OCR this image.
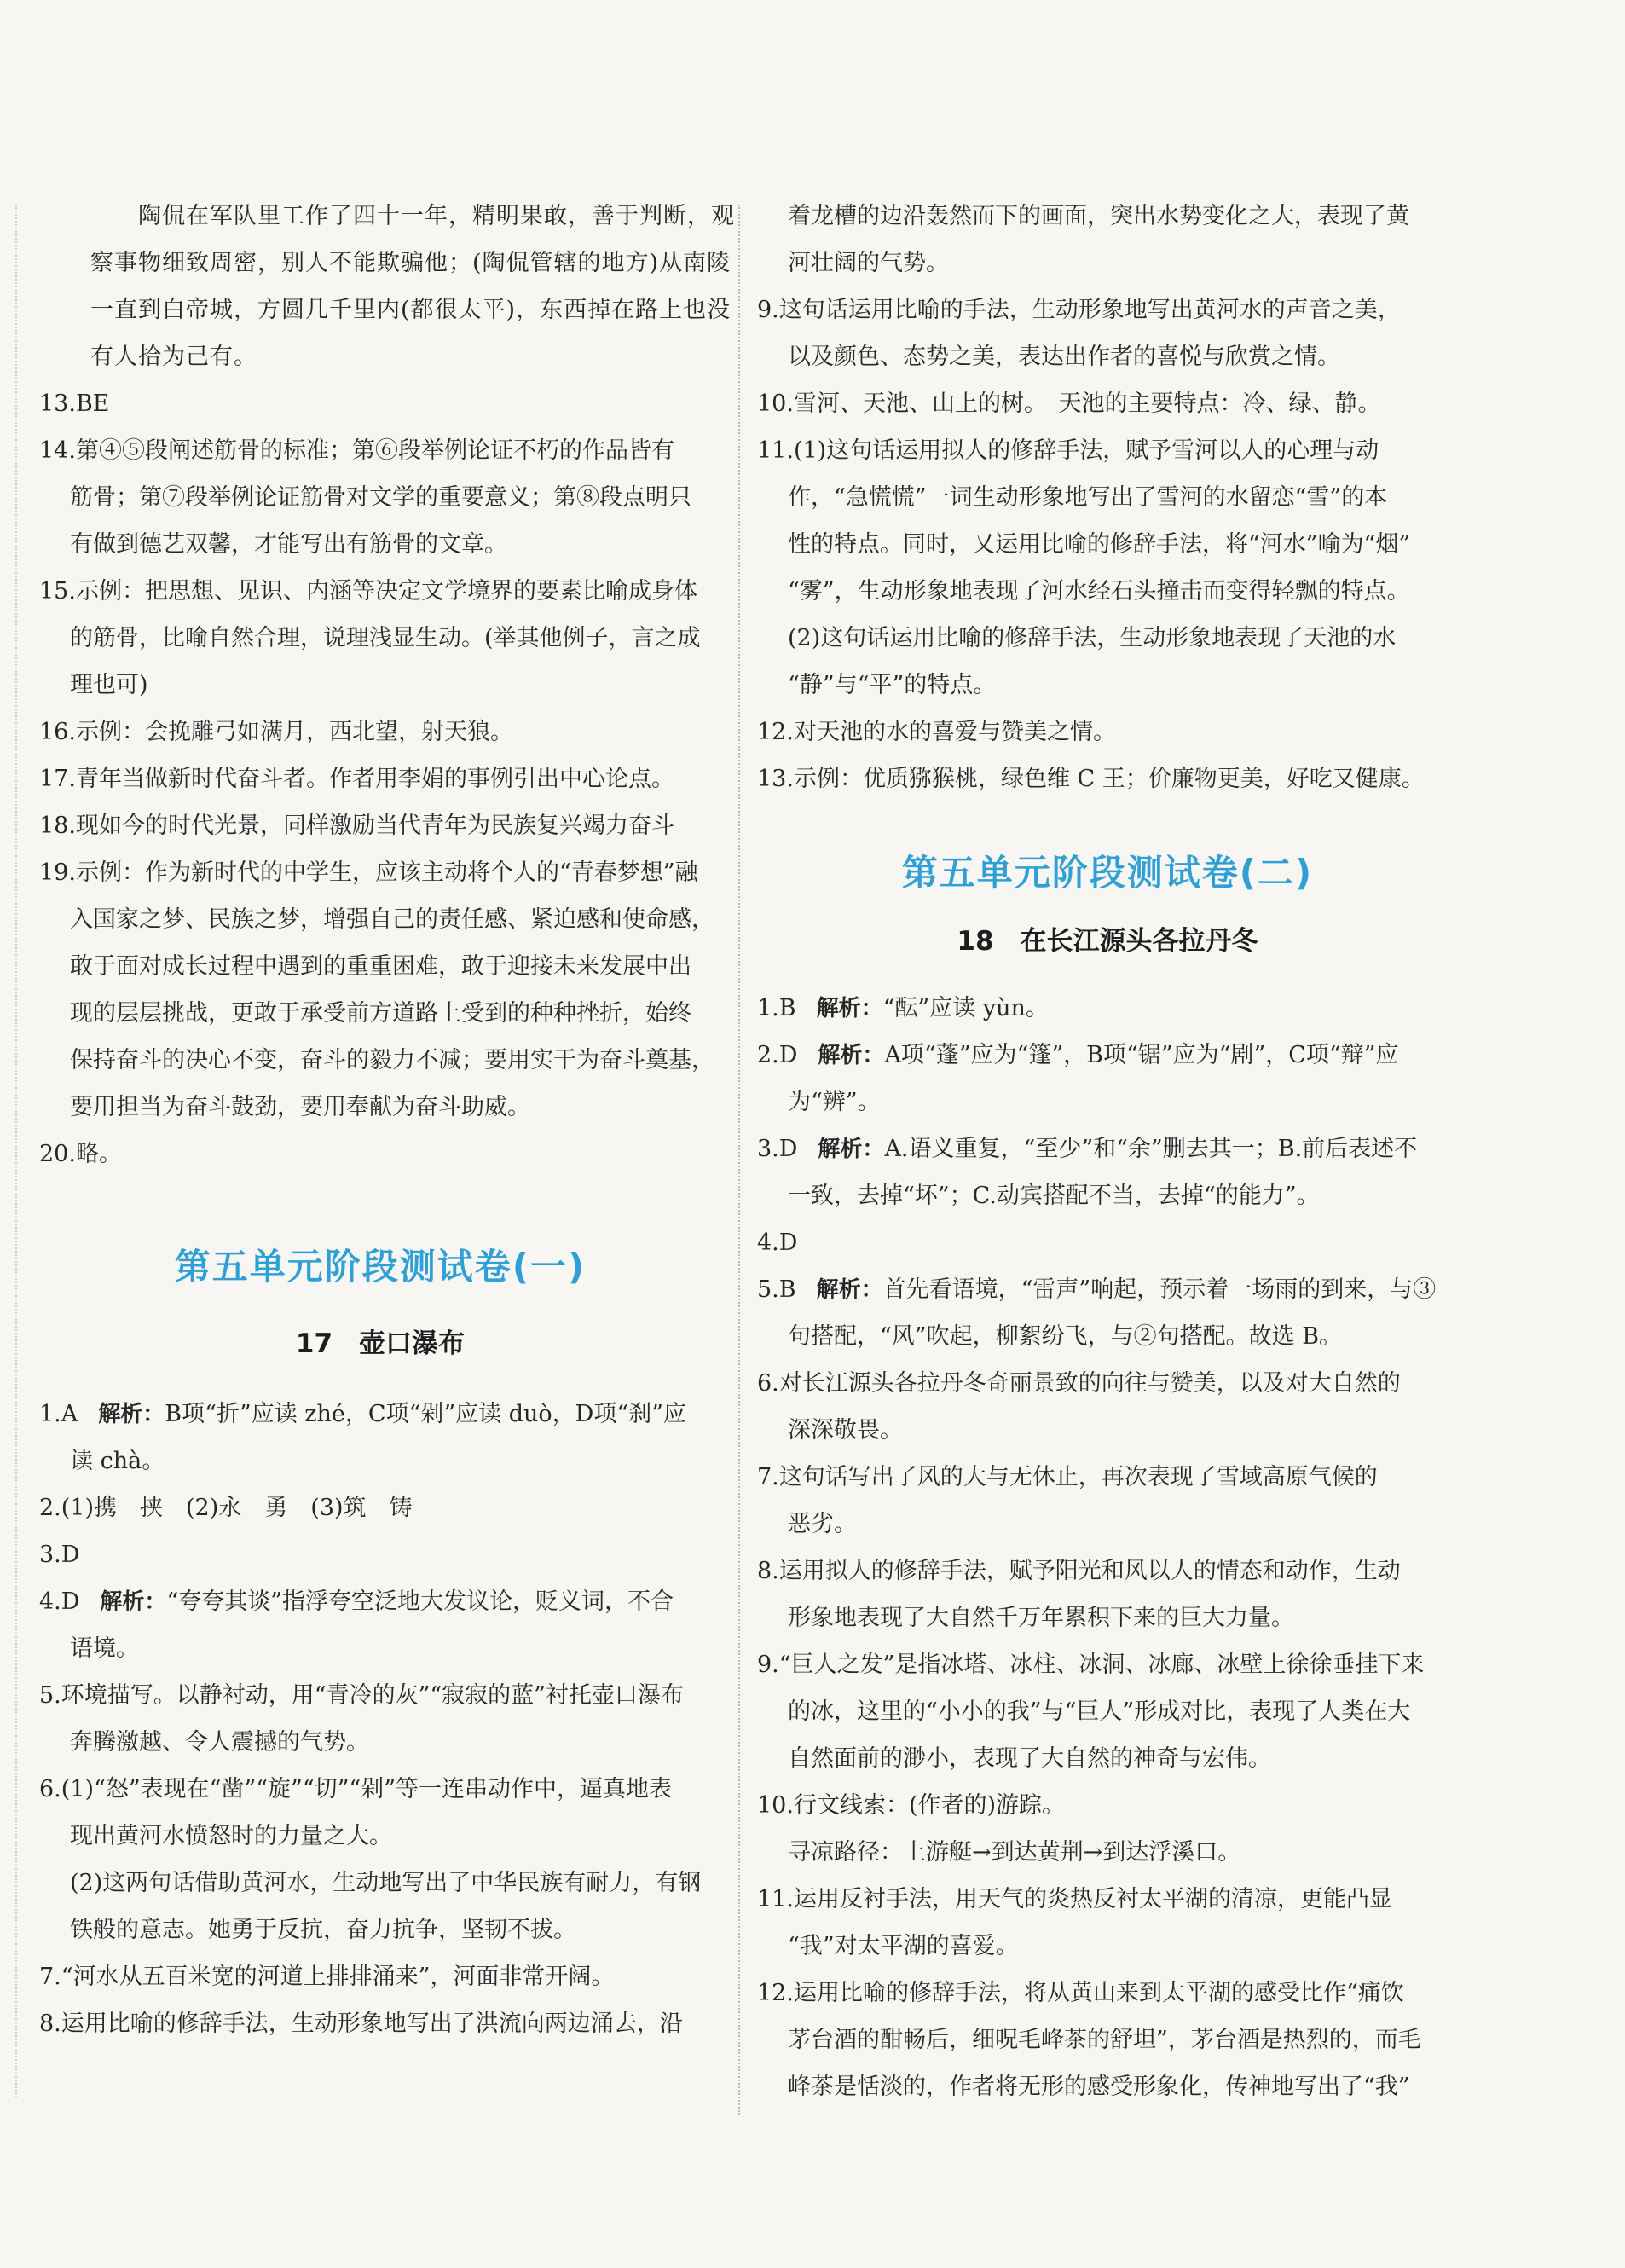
陶侃在军队里工作了四十一年，精明果敢，善于判断，观
察事物细致周密，别人不能欺骗他；(陶侃管辖的地方)从南陵
一直到白帝城，方圆几千里内(都很太平)，东西掉在路上也没
有人拾为己有。
13.BE
14.第④⑤段阐述筋骨的标准；第⑥段举例论证不朽的作品皆有
筋骨；第⑦段举例论证筋骨对文学的重要意义；第⑧段点明只
有做到德艺双馨，才能写出有筋骨的文章。
15.示例：把思想、见识、内涵等决定文学境界的要素比喻成身体
的筋骨，比喻自然合理，说理浅显生动。(举其他例子，言之成
理也可)
16.示例：会挽雕弓如满月，西北望，射天狼。
17.青年当做新时代奋斗者。作者用李娟的事例引出中心论点。
18.现如今的时代光景，同样激励当代青年为民族复兴竭力奋斗
19.示例：作为新时代的中学生，应该主动将个人的“青春梦想”融
入国家之梦、民族之梦，增强自己的责任感、紧迫感和使命感，
敢于面对成长过程中遇到的重重困难，敢于迎接未来发展中出
现的层层挑战，更敢于承受前方道路上受到的种种挫折，始终
保持奋斗的决心不变，奋斗的毅力不减；要用实干为奋斗奠基，
要用担当为奋斗鼓劲，要用奉献为奋斗助威。
20.略。
第五单元阶段测试卷(一)
17　壶口瀑布
1.A 解析：B项“折”应读 zhé，C项“剁”应读 duò，D项“刹”应
读 chà。
2.(1)携　挟　(2)永　勇　(3)筑　铸
3.D
4.D 解析：“夸夸其谈”指浮夸空泛地大发议论，贬义词，不合
语境。
5.环境描写。以静衬动，用“青冷的灰”“寂寂的蓝”衬托壶口瀑布
奔腾激越、令人震撼的气势。
6.(1)“怒”表现在“凿”“旋”“切”“剁”等一连串动作中，逼真地表
现出黄河水愤怒时的力量之大。
(2)这两句话借助黄河水，生动地写出了中华民族有耐力，有钢
铁般的意志。她勇于反抗，奋力抗争，坚韧不拔。
7.“河水从五百米宽的河道上排排涌来”，河面非常开阔。
8.运用比喻的修辞手法，生动形象地写出了洪流向两边涌去，沿
着龙槽的边沿轰然而下的画面，突出水势变化之大，表现了黄
河壮阔的气势。
9.这句话运用比喻的手法，生动形象地写出黄河水的声音之美，
以及颜色、态势之美，表达出作者的喜悦与欣赏之情。
10.雪河、天池、山上的树。　天池的主要特点：冷、绿、静。
11.(1)这句话运用拟人的修辞手法，赋予雪河以人的心理与动
作，“急慌慌”一词生动形象地写出了雪河的水留恋“雪”的本
性的特点。同时，又运用比喻的修辞手法，将“河水”喻为“烟”
“雾”，生动形象地表现了河水经石头撞击而变得轻飘的特点。
(2)这句话运用比喻的修辞手法，生动形象地表现了天池的水
“静”与“平”的特点。
12.对天池的水的喜爱与赞美之情。
13.示例：优质猕猴桃，绿色维 C 王；价廉物更美，好吃又健康。
第五单元阶段测试卷(二)
18　在长江源头各拉丹冬
1.B 解析：“酝”应读 yùn。
2.D 解析：A项“蓬”应为“篷”，B项“锯”应为“剧”，C项“辩”应
为“辨”。
3.D 解析：A.语义重复，“至少”和“余”删去其一；B.前后表述不
一致，去掉“坏”；C.动宾搭配不当，去掉“的能力”。
4.D
5.B 解析：首先看语境，“雷声”响起，预示着一场雨的到来，与③
句搭配，“风”吹起，柳絮纷飞，与②句搭配。故选 B。
6.对长江源头各拉丹冬奇丽景致的向往与赞美，以及对大自然的
深深敬畏。
7.这句话写出了风的大与无休止，再次表现了雪域高原气候的
恶劣。
8.运用拟人的修辞手法，赋予阳光和风以人的情态和动作，生动
形象地表现了大自然千万年累积下来的巨大力量。
9.“巨人之发”是指冰塔、冰柱、冰洞、冰廊、冰壁上徐徐垂挂下来
的冰，这里的“小小的我”与“巨人”形成对比，表现了人类在大
自然面前的渺小，表现了大自然的神奇与宏伟。
10.行文线索：(作者的)游踪。
寻凉路径：上游艇→到达黄荆→到达浮溪口。
11.运用反衬手法，用天气的炎热反衬太平湖的清凉，更能凸显
“我”对太平湖的喜爱。
12.运用比喻的修辞手法，将从黄山来到太平湖的感受比作“痛饮
茅台酒的酣畅后，细呪毛峰茶的舒坦”，茅台酒是热烈的，而毛
峰茶是恬淡的，作者将无形的感受形象化，传神地写出了“我”
